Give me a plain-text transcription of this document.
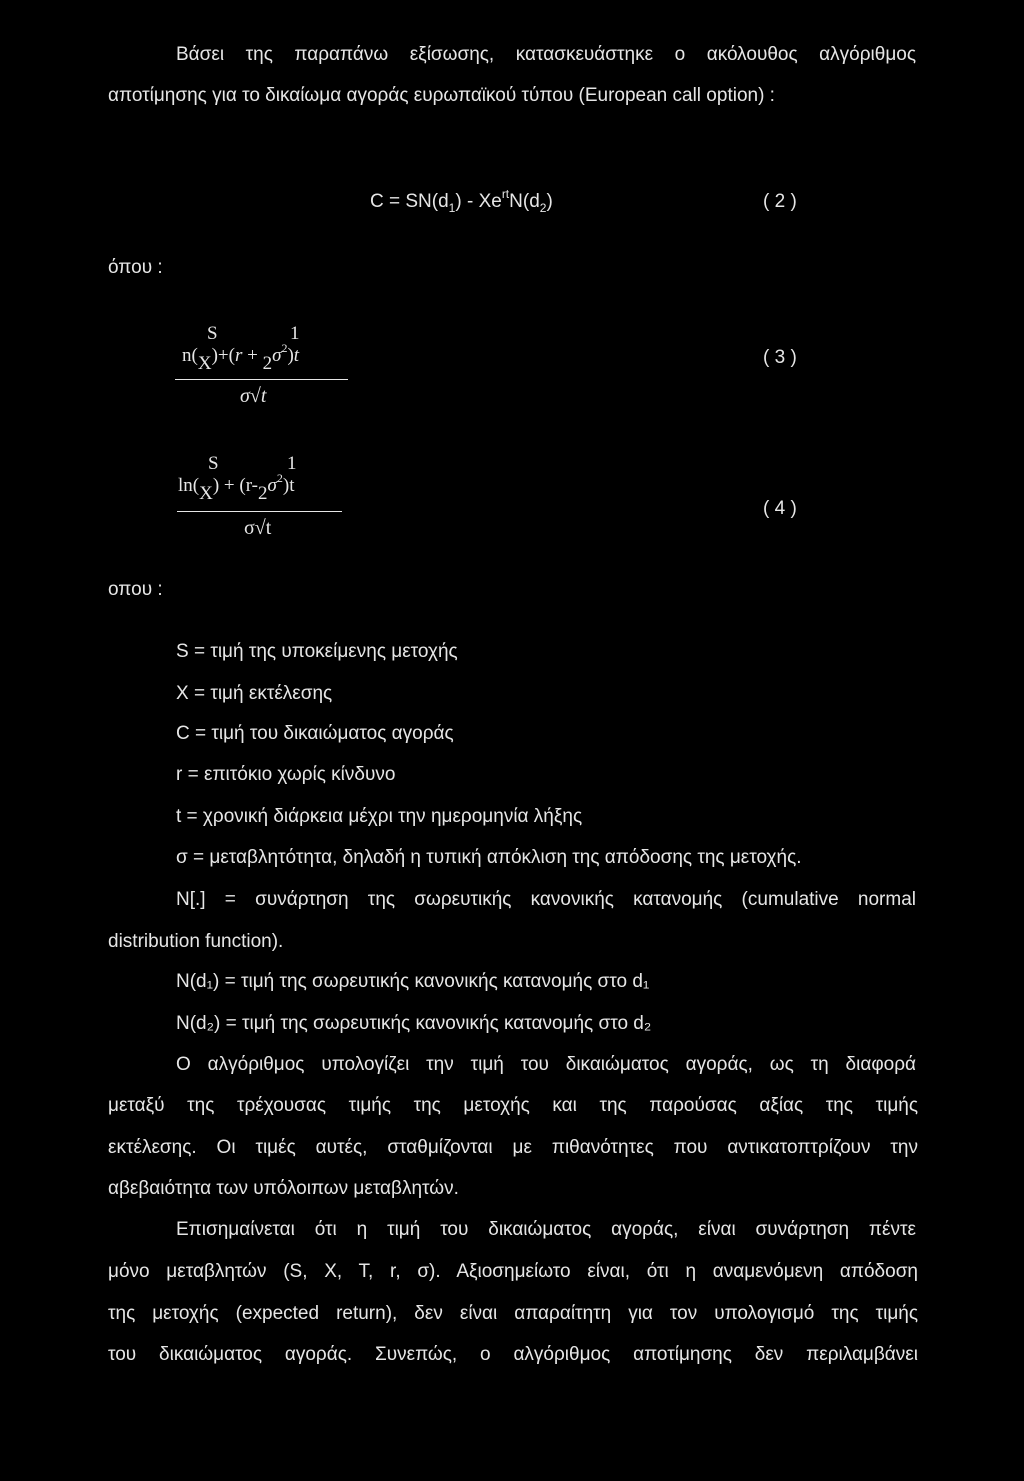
Βάσει της παραπάνω εξίσωσης, κατασκευάστηκε ο ακόλουθος αλγόριθμος
αποτίμησης για το δικαίωμα αγοράς ευρωπαϊκού τύπου (European call option) :
$C = SN(d_1) - Xe^{rt}N(d_2)$	( 2 )
όπου :
S	1
$n(X)+(r + 2\sigma^2)t$
σ√t
( 3 )
S	1
$\ln(X) + (r-2\sigma^2)t$
σ√t
( 4 )
οπου :
S = τιμή της υποκείμενης μετοχής
X = τιμή εκτέλεσης
C = τιμή του δικαιώματος αγοράς
r = επιτόκιο χωρίς κίνδυνο
t = χρονική διάρκεια μέχρι την ημερομηνία λήξης
σ = μεταβλητότητα, δηλαδή η τυπική απόκλιση της απόδοσης της μετοχής.
N[.] = συνάρτηση της σωρευτικής κανονικής κατανομής (cumulative normal
distribution function).
N(d₁) = τιμή της σωρευτικής κανονικής κατανομής στο d₁
N(d₂) = τιμή της σωρευτικής κανονικής κατανομής στο d₂
Ο αλγόριθμος υπολογίζει την τιμή του δικαιώματος αγοράς, ως τη διαφορά
μεταξύ της τρέχουσας τιμής της μετοχής και της παρούσας αξίας της τιμής
εκτέλεσης. Οι τιμές αυτές, σταθμίζονται με πιθανότητες που αντικατοπτρίζουν την
αβεβαιότητα των υπόλοιπων μεταβλητών.
Επισημαίνεται ότι η τιμή του δικαιώματος αγοράς, είναι συνάρτηση πέντε
μόνο μεταβλητών (S, X, T, r, σ). Αξιοσημείωτο είναι, ότι η αναμενόμενη απόδοση
της μετοχής (expected return), δεν είναι απαραίτητη για τον υπολογισμό της τιμής
του δικαιώματος αγοράς. Συνεπώς, ο αλγόριθμος αποτίμησης δεν περιλαμβάνει
